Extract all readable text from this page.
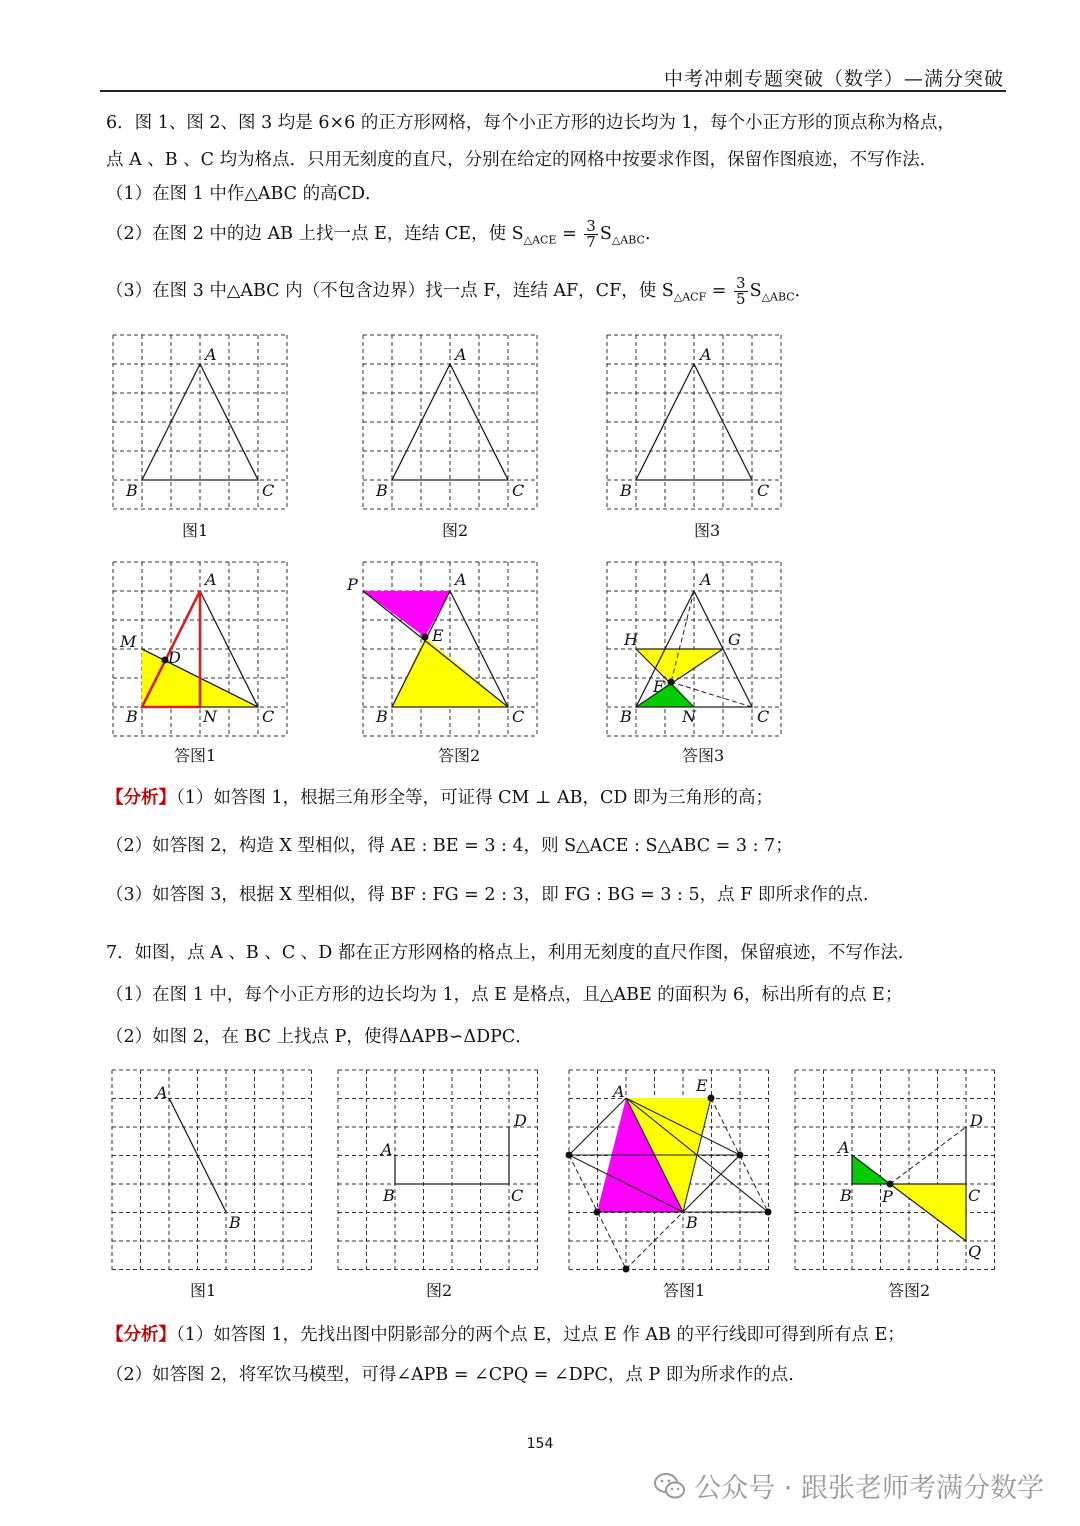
中考冲刺专题突破（数学）—满分突破
6．图 1、图 2、图 3 均是 6×6 的正方形网格，每个小正方形的边长均为 1，每个小正方形的顶点称为格点，
点 A 、B 、C 均为格点．只用无刻度的直尺，分别在给定的网格中按要求作图，保留作图痕迹，不写作法．
（1）在图 1 中作△ABC 的高CD．
（2）在图 2 中的边 AB 上找一点 E，连结 CE，使 $S_{\triangle ACE} = \frac{3}{7} S_{\triangle ABC}$．
（3）在图 3 中△ABC 内（不包含边界）找一点 F，连结 AF，CF，使 $S_{\triangle ACF} = \frac{3}{5} S_{\triangle ABC}$．
A
B	C
A
B	C
A
B	C
A
M
D
B	N	C
P	A
E
B	C
A
H	G
F
B	N	C
A
B
A
D
B	C
A	E
B
A
D
B P	C
Q
图1	图2	图3
答图1	答图2	答图3
【分析】（1）如答图 1，根据三角形全等，可证得 CM ⊥ AB，CD 即为三角形的高；
（2）如答图 2，构造 X 型相似，得 AE : BE = 3 : 4，则 S△ACE : S△ABC = 3 : 7；
（3）如答图 3，根据 X 型相似，得 BF : FG = 2 : 3，即 FG : BG = 3 : 5，点 F 即所求作的点.
7．如图，点 A 、B 、C 、D 都在正方形网格的格点上，利用无刻度的直尺作图，保留痕迹，不写作法．
（1）在图 1 中，每个小正方形的边长均为 1，点 E 是格点，且△ABE 的面积为 6，标出所有的点 E；
（2）如图 2，在 BC 上找点 P，使得ΔAPB∽ΔDPC．
图1	图2	答图1	答图2
【分析】（1）如答图 1，先找出图中阴影部分的两个点 E，过点 E 作 AB 的平行线即可得到所有点 E；
（2）如答图 2，将军饮马模型，可得∠APB = ∠CPQ = ∠DPC，点 P 即为所求作的点.
154
公众号 · 跟张老师考满分数学
